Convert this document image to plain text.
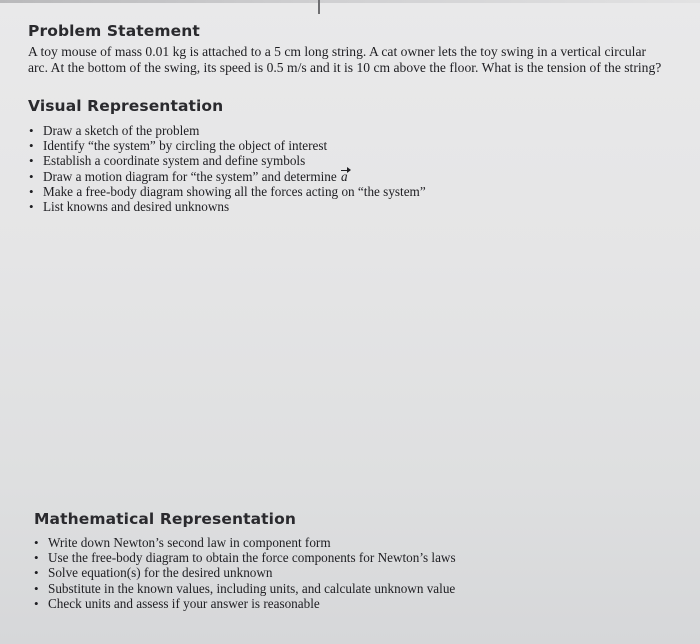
Problem Statement

A toy mouse of mass 0.01 kg is attached to a 5 cm long string. A cat owner lets the toy swing in a vertical circular
arc. At the bottom of the swing, its speed is 0.5 m/s and it is 10 cm above the floor. What is the tension of the string?

Visual Representation
• Draw a sketch of the problem
• Identify “the system” by circling the object of interest
• Establish a coordinate system and define symbols
• Draw a motion diagram for “the system” and determine a
• Make a free-body diagram showing all the forces acting on “the system”
• List knowns and desired unknowns
Mathematical Representation
• Write down Newton’s second law in component form
• Use the free-body diagram to obtain the force components for Newton’s laws
• Solve equation(s) for the desired unknown
• Substitute in the known values, including units, and calculate unknown value
• Check units and assess if your answer is reasonable
